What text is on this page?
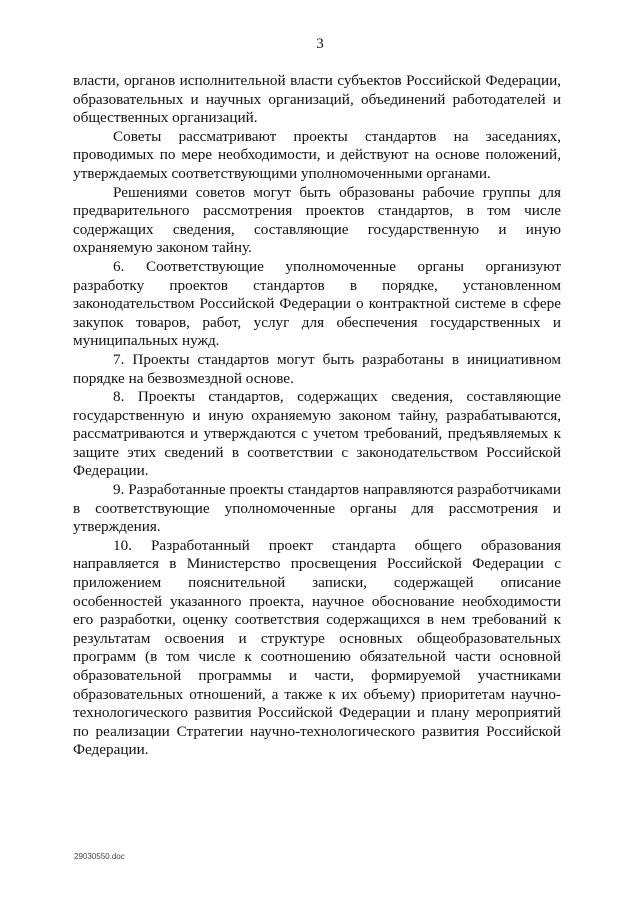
3

власти, органов исполнительной власти субъектов Российской Федерации, образовательных и научных организаций, объединений работодателей и общественных организаций.

Советы рассматривают проекты стандартов на заседаниях, проводимых по мере необходимости, и действуют на основе положений, утверждаемых соответствующими уполномоченными органами.

Решениями советов могут быть образованы рабочие группы для предварительного рассмотрения проектов стандартов, в том числе содержащих сведения, составляющие государственную и иную охраняемую законом тайну.

6. Соответствующие уполномоченные органы организуют разработку проектов стандартов в порядке, установленном законодательством Российской Федерации о контрактной системе в сфере закупок товаров, работ, услуг для обеспечения государственных и муниципальных нужд.

7. Проекты стандартов могут быть разработаны в инициативном порядке на безвозмездной основе.

8. Проекты стандартов, содержащих сведения, составляющие государственную и иную охраняемую законом тайну, разрабатываются, рассматриваются и утверждаются с учетом требований, предъявляемых к защите этих сведений в соответствии с законодательством Российской Федерации.

9. Разработанные проекты стандартов направляются разработчиками в соответствующие уполномоченные органы для рассмотрения и утверждения.

10. Разработанный проект стандарта общего образования направляется в Министерство просвещения Российской Федерации с приложением пояснительной записки, содержащей описание особенностей указанного проекта, научное обоснование необходимости его разработки, оценку соответствия содержащихся в нем требований к результатам освоения и структуре основных общеобразовательных программ (в том числе к соотношению обязательной части основной образовательной программы и части, формируемой участниками образовательных отношений, а также к их объему) приоритетам научно-технологического развития Российской Федерации и плану мероприятий по реализации Стратегии научно-технологического развития Российской Федерации.

29030550.doc
